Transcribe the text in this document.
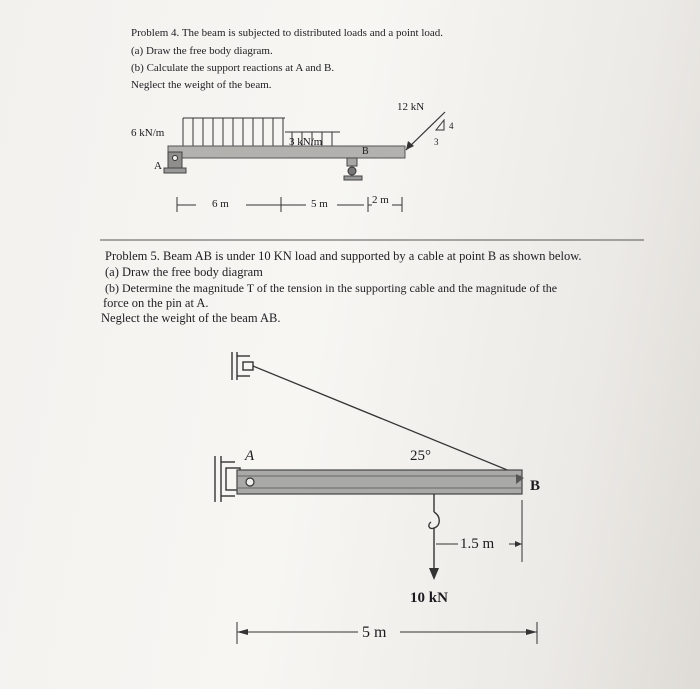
Problem 4. The beam is subjected to distributed loads and a point load.
(a) Draw the free body diagram.
(b) Calculate the support reactions at A and B.
Neglect the weight of the beam.
12 kN
6 kN/m
3 kN/m
A
B
4
3
6 m	5 m	2 m
Problem 5. Beam AB is under 10 KN load and supported by a cable at point B as shown below.
(a) Draw the free body diagram
(b) Determine the magnitude T of the tension in the supporting cable and the magnitude of the
force on the pin at A.
Neglect the weight of the beam AB.
A
B
25°
1.5 m
10 kN
5 m
